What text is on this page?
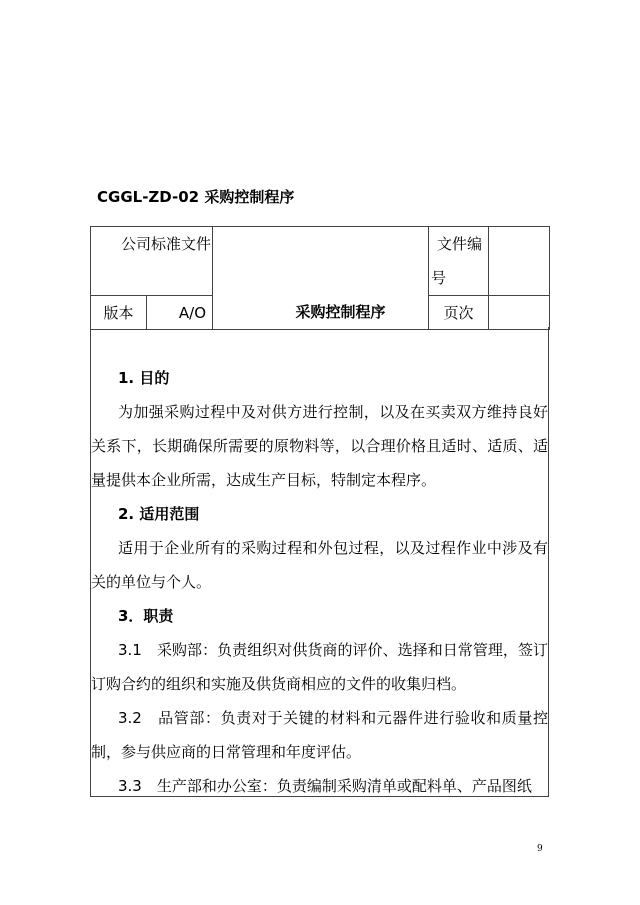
CGGL-ZD-02 采购控制程序
公司标准文件		采购控制程序	文件编号	

版本	A/O		页次	

1. 目的

为加强采购过程中及对供方进行控制，以及在买卖双方维持良好关系下，长期确保所需要的原物料等，以合理价格且适时、适质、适量提供本企业所需，达成生产目标，特制定本程序。

2. 适用范围

适用于企业所有的采购过程和外包过程，以及过程作业中涉及有关的单位与个人。

3．职责

3.1　采购部：负责组织对供货商的评价、选择和日常管理，签订订购合约的组织和实施及供货商相应的文件的收集归档。

3.2　品管部：负责对于关键的材料和元器件进行验收和质量控制，参与供应商的日常管理和年度评估。

3.3　生产部和办公室：负责编制采购清单或配料单、产品图纸

9
